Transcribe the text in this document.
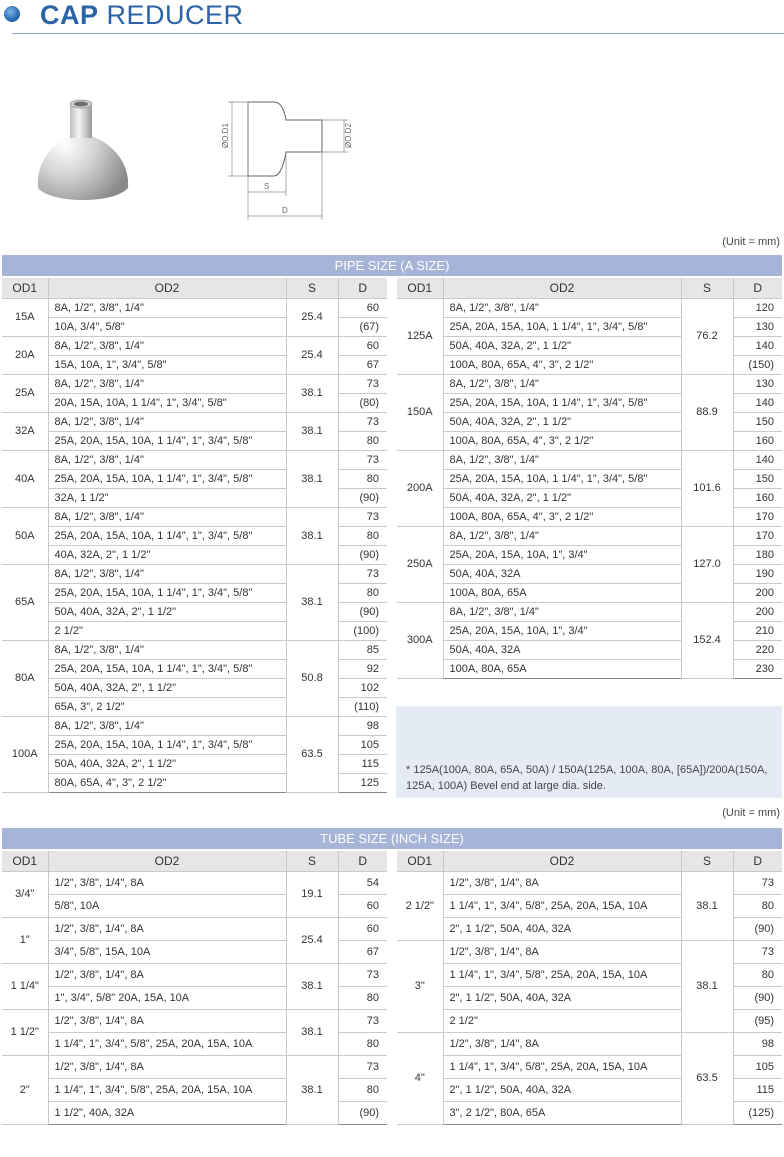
CAP REDUCER
ØO.D1	ØO.D2
S
D
(Unit = mm)
PIPE SIZE (A SIZE)
OD1	OD2	S	D
15A	8A, 1/2", 3/8", 1/4"	25.4	60
	10A, 3/4", 5/8"		(67)
20A	8A, 1/2", 3/8", 1/4"	25.4	60
	15A, 10A, 1", 3/4", 5/8"		67
25A	8A, 1/2", 3/8", 1/4"	38.1	73
	20A, 15A, 10A, 1 1/4", 1", 3/4", 5/8"		(80)
32A	8A, 1/2", 3/8", 1/4"	38.1	73
	25A, 20A, 15A, 10A, 1 1/4", 1", 3/4", 5/8"		80
40A	8A, 1/2", 3/8", 1/4"	38.1	73
	25A, 20A, 15A, 10A, 1 1/4", 1", 3/4", 5/8"		80
	32A, 1 1/2"		(90)
50A	8A, 1/2", 3/8", 1/4"	38.1	73
	25A, 20A, 15A, 10A, 1 1/4", 1", 3/4", 5/8"		80
	40A, 32A, 2", 1 1/2"		(90)
65A	8A, 1/2", 3/8", 1/4"	38.1	73
	25A, 20A, 15A, 10A, 1 1/4", 1", 3/4", 5/8"		80
	50A, 40A, 32A, 2", 1 1/2"		(90)
	2 1/2"		(100)
80A	8A, 1/2", 3/8", 1/4"	50.8	85
	25A, 20A, 15A, 10A, 1 1/4", 1", 3/4", 5/8"		92
	50A, 40A, 32A, 2", 1 1/2"		102
	65A, 3", 2 1/2"		(110)
100A	8A, 1/2", 3/8", 1/4"	63.5	98
	25A, 20A, 15A, 10A, 1 1/4", 1", 3/4", 5/8"		105
	50A, 40A, 32A, 2", 1 1/2"		115
	80A, 65A, 4", 3", 2 1/2"		125
OD1	OD2	S	D
125A	8A, 1/2", 3/8", 1/4"	76.2	120
	25A, 20A, 15A, 10A, 1 1/4", 1", 3/4", 5/8"		130
	50A, 40A, 32A, 2", 1 1/2"		140
	100A, 80A, 65A, 4", 3", 2 1/2"		(150)
150A	8A, 1/2", 3/8", 1/4"	88.9	130
	25A, 20A, 15A, 10A, 1 1/4", 1", 3/4", 5/8"		140
	50A, 40A, 32A, 2", 1 1/2"		150
	100A, 80A, 65A, 4", 3", 2 1/2"		160
200A	8A, 1/2", 3/8", 1/4"	101.6	140
	25A, 20A, 15A, 10A, 1 1/4", 1", 3/4", 5/8"		150
	50A, 40A, 32A, 2", 1 1/2"		160
	100A, 80A, 65A, 4", 3", 2 1/2"		170
250A	8A, 1/2", 3/8", 1/4"	127.0	170
	25A, 20A, 15A, 10A, 1", 3/4"		180
	50A, 40A, 32A		190
	100A, 80A, 65A		200
300A	8A, 1/2", 3/8", 1/4"	152.4	200
	25A, 20A, 15A, 10A, 1", 3/4"		210
	50A, 40A, 32A		220
	100A, 80A, 65A		230
* 125A(100A, 80A, 65A, 50A) / 150A(125A, 100A, 80A, [65A])/200A(150A, 125A, 100A) Bevel end at large dia. side.
(Unit = mm)
TUBE SIZE (INCH SIZE)
OD1	OD2	S	D
3/4"	1/2", 3/8", 1/4", 8A	19.1	54
	5/8", 10A		60
1"	1/2", 3/8", 1/4", 8A	25.4	60
	3/4", 5/8", 15A, 10A		67
1 1/4"	1/2", 3/8", 1/4", 8A	38.1	73
	1", 3/4", 5/8" 20A, 15A, 10A		80
1 1/2"	1/2", 3/8", 1/4", 8A	38.1	73
	1 1/4", 1", 3/4", 5/8", 25A, 20A, 15A, 10A		80
2"	1/2", 3/8", 1/4", 8A	38.1	73
	1 1/4", 1", 3/4", 5/8", 25A, 20A, 15A, 10A		80
	1 1/2", 40A, 32A		(90)
OD1	OD2	S	D
2 1/2"	1/2", 3/8", 1/4", 8A	38.1	73
	1 1/4", 1", 3/4", 5/8", 25A, 20A, 15A, 10A		80
	2", 1 1/2", 50A, 40A, 32A		(90)
3"	1/2", 3/8", 1/4", 8A	38.1	73
	1 1/4", 1", 3/4", 5/8", 25A, 20A, 15A, 10A		80
	2", 1 1/2", 50A, 40A, 32A		(90)
	2 1/2"		(95)
4"	1/2", 3/8", 1/4", 8A	63.5	98
	1 1/4", 1", 3/4", 5/8", 25A, 20A, 15A, 10A		105
	2", 1 1/2", 50A, 40A, 32A		115
	3", 2 1/2", 80A, 65A		(125)
